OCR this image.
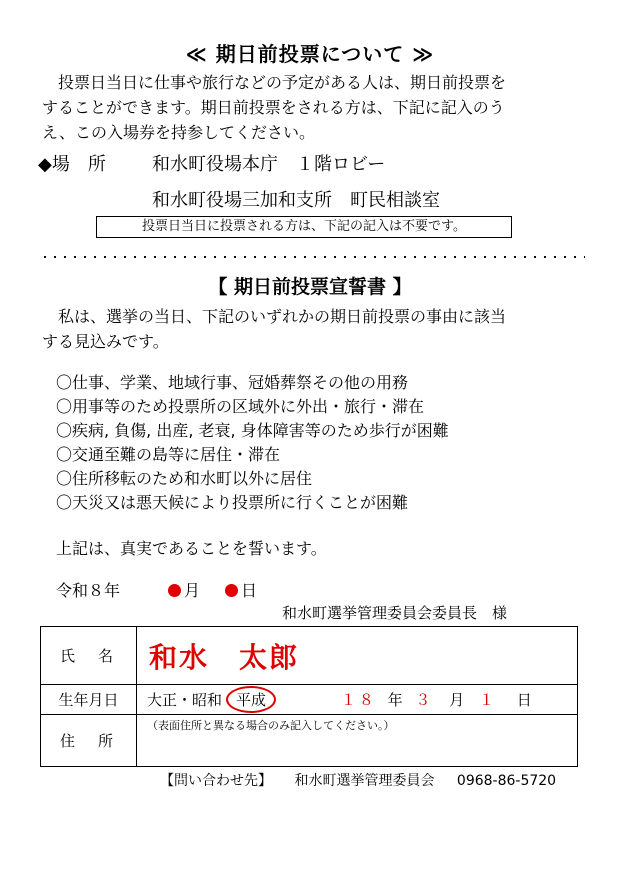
≪ 期日前投票について ≫
投票日当日に仕事や旅行などの予定がある人は、期日前投票を
することができます。期日前投票をされる方は、下記に記入のう
え、この入場券を持参してください。
◆場　所	和水町役場本庁　１階ロビー
和水町役場三加和支所　町民相談室
投票日当日に投票される方は、下記の記入は不要です。
【 期日前投票宣誓書 】
私は、選挙の当日、下記のいずれかの期日前投票の事由に該当
する見込みです。
〇仕事、学業、地域行事、冠婚葬祭その他の用務
〇用事等のため投票所の区域外に外出・旅行・滞在
〇疾病, 負傷, 出産, 老衰, 身体障害等のため歩行が困難
〇交通至難の島等に居住・滞在
〇住所移転のため和水町以外に居住
〇天災又は悪天候により投票所に行くことが困難
上記は、真実であることを誓います。
令和８年	月	日
和水町選挙管理委員会委員長　様
氏　名	和水　太郎
生年月日	大正・昭和 平成 １８ 年 ３ 月 １ 日
住　所	（表面住所と異なる場合のみ記入してください。）
【問い合わせ先】 和水町選挙管理委員会 0968-86-5720
